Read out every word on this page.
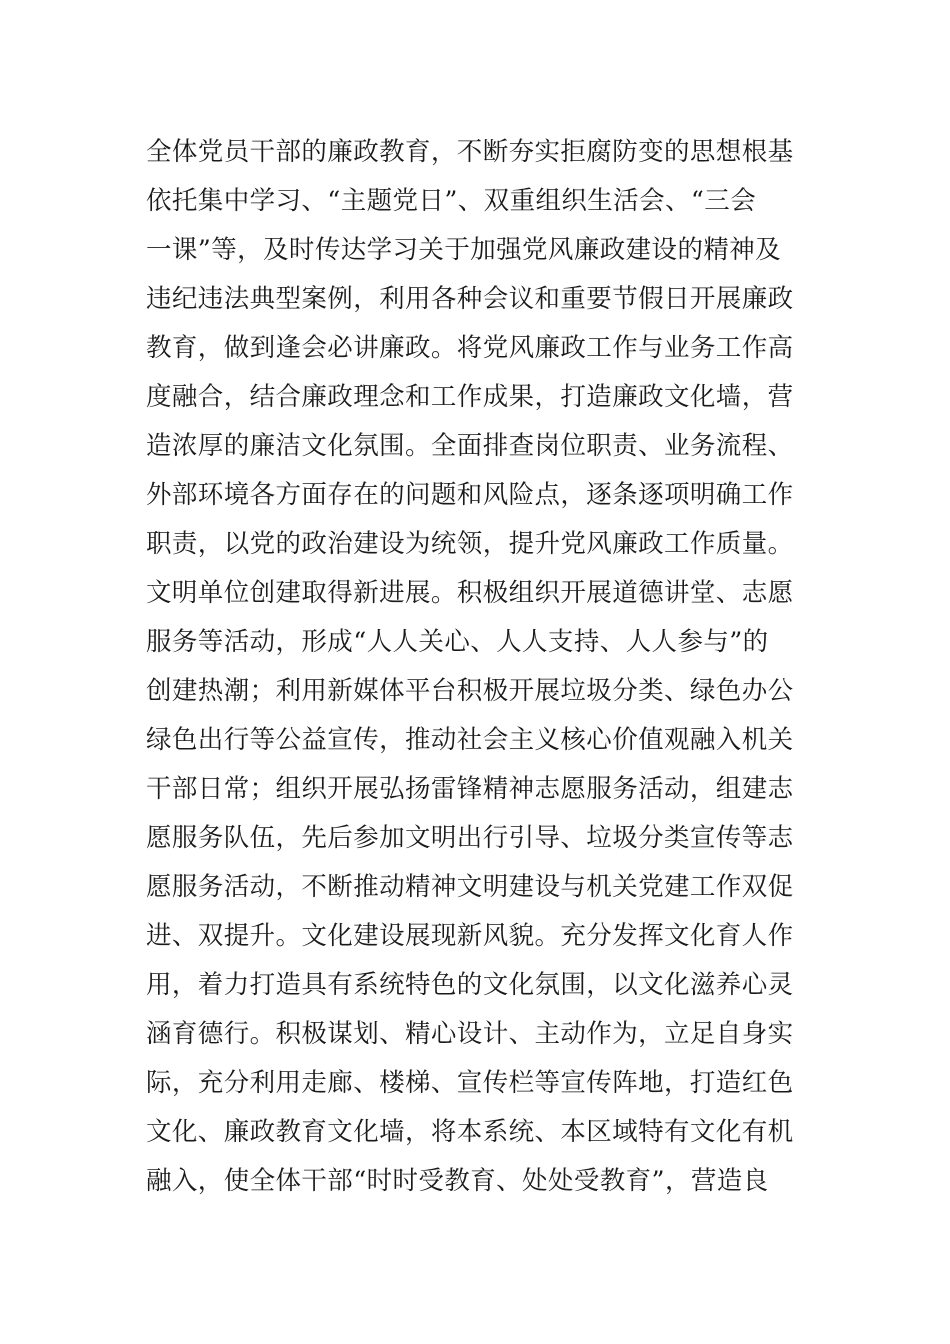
全体党员干部的廉政教育，不断夯实拒腐防变的思想根基
依托集中学习、“主题党日”、双重组织生活会、“三会
一课”等，及时传达学习关于加强党风廉政建设的精神及
违纪违法典型案例，利用各种会议和重要节假日开展廉政
教育，做到逢会必讲廉政。将党风廉政工作与业务工作高
度融合，结合廉政理念和工作成果，打造廉政文化墙，营
造浓厚的廉洁文化氛围。全面排查岗位职责、业务流程、
外部环境各方面存在的问题和风险点，逐条逐项明确工作
职责，以党的政治建设为统领，提升党风廉政工作质量。
文明单位创建取得新进展。积极组织开展道德讲堂、志愿
服务等活动，形成“人人关心、人人支持、人人参与”的
创建热潮；利用新媒体平台积极开展垃圾分类、绿色办公
绿色出行等公益宣传，推动社会主义核心价值观融入机关
干部日常；组织开展弘扬雷锋精神志愿服务活动，组建志
愿服务队伍，先后参加文明出行引导、垃圾分类宣传等志
愿服务活动，不断推动精神文明建设与机关党建工作双促
进、双提升。文化建设展现新风貌。充分发挥文化育人作
用，着力打造具有系统特色的文化氛围，以文化滋养心灵
涵育德行。积极谋划、精心设计、主动作为，立足自身实
际，充分利用走廊、楼梯、宣传栏等宣传阵地，打造红色
文化、廉政教育文化墙，将本系统、本区域特有文化有机
融入，使全体干部“时时受教育、处处受教育”，营造良
